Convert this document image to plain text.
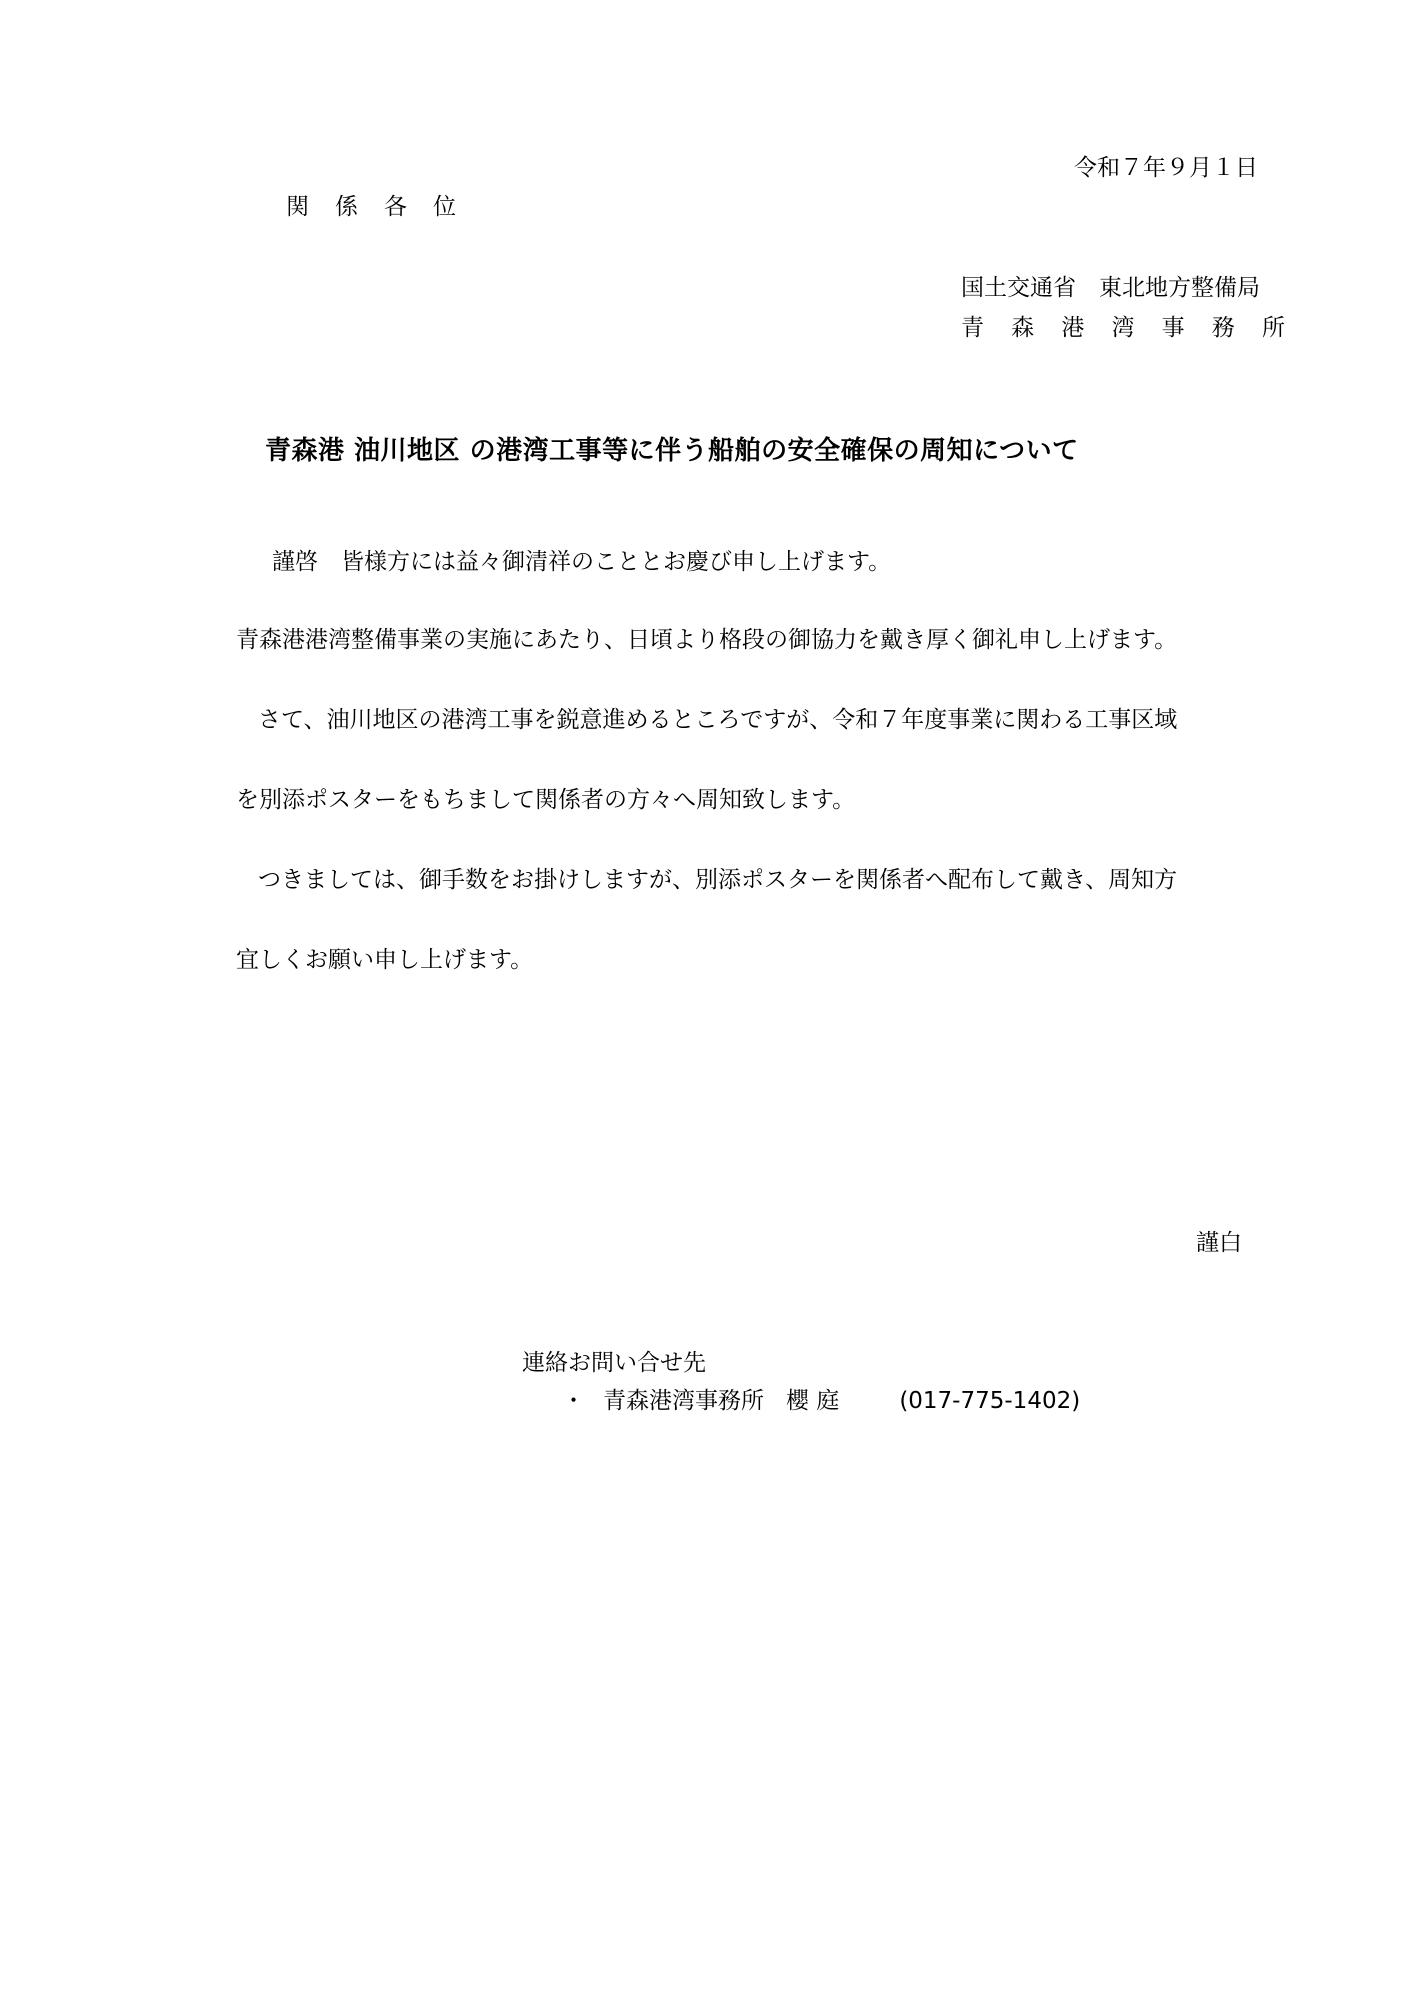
令和７年９月１日
関係各位
国土交通省　東北地方整備局
青 森 港 湾 事 務 所
青森港 油川地区 の港湾工事等に伴う船舶の安全確保の周知について

謹啓　皆様方には益々御清祥のこととお慶び申し上げます。

青森港港湾整備事業の実施にあたり、日頃より格段の御協力を戴き厚く御礼申し上げます。

さて、油川地区の港湾工事を鋭意進めるところですが、令和７年度事業に関わる工事区域

を別添ポスターをもちまして関係者の方々へ周知致します。

つきましては、御手数をお掛けしますが、別添ポスターを関係者へ配布して戴き、周知方

宜しくお願い申し上げます。

謹白
連絡お問い合せ先
・ 青森港湾事務所 櫻 庭	(017-775-1402)
